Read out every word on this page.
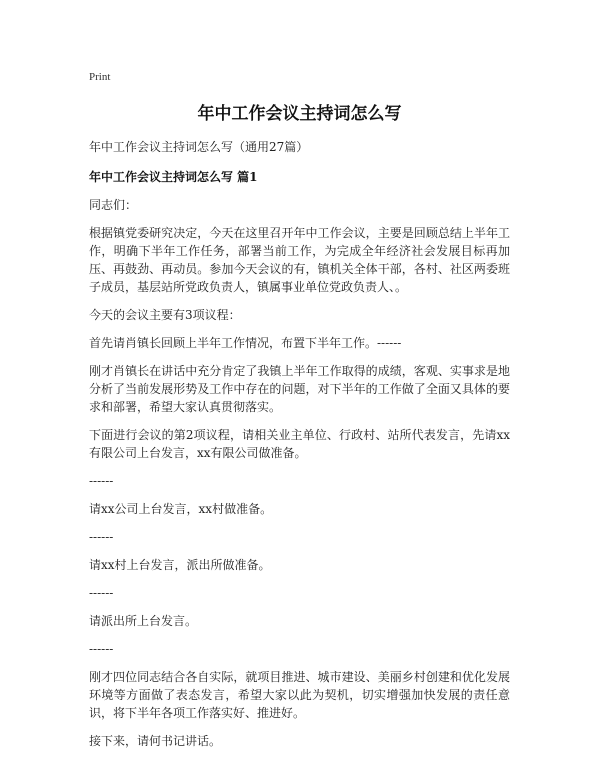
Print
年中工作会议主持词怎么写
年中工作会议主持词怎么写（通用27篇）
年中工作会议主持词怎么写 篇1

同志们：

根据镇党委研究决定，今天在这里召开年中工作会议，主要是回顾总结上半年工作，明确下半年工作任务，部署当前工作，为完成全年经济社会发展目标再加压、再鼓劲、再动员。参加今天会议的有，镇机关全体干部，各村、社区两委班子成员，基层站所党政负责人，镇属事业单位党政负责人、。

今天的会议主要有3项议程：

首先请肖镇长回顾上半年工作情况，布置下半年工作。------

刚才肖镇长在讲话中充分肯定了我镇上半年工作取得的成绩，客观、实事求是地分析了当前发展形势及工作中存在的问题，对下半年的工作做了全面又具体的要求和部署，希望大家认真贯彻落实。

下面进行会议的第2项议程，请相关业主单位、行政村、站所代表发言，先请xx有限公司上台发言，xx有限公司做准备。

------

请xx公司上台发言，xx村做准备。

------

请xx村上台发言，派出所做准备。

------

请派出所上台发言。

------

刚才四位同志结合各自实际，就项目推进、城市建设、美丽乡村创建和优化发展环境等方面做了表态发言，希望大家以此为契机，切实增强加快发展的责任意识，将下半年各项工作落实好、推进好。

接下来，请何书记讲话。
